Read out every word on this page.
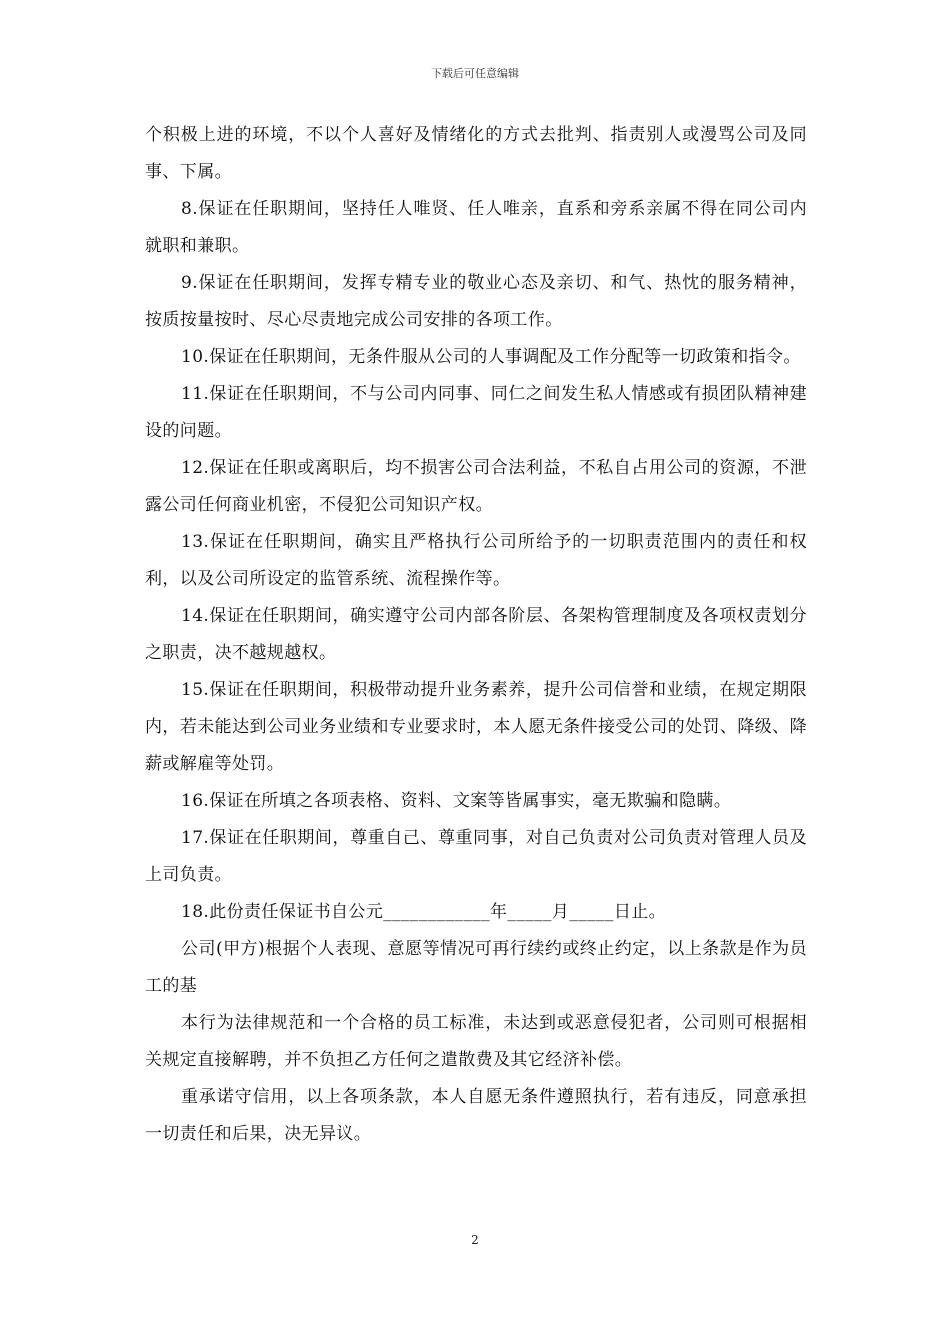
下载后可任意编辑

个积极上进的环境，不以个人喜好及情绪化的方式去批判、指责别人或漫骂公司及同事、下属。

8.保证在任职期间，坚持任人唯贤、任人唯亲，直系和旁系亲属不得在同公司内就职和兼职。

9.保证在任职期间，发挥专精专业的敬业心态及亲切、和气、热忱的服务精神，按质按量按时、尽心尽责地完成公司安排的各项工作。

10.保证在任职期间，无条件服从公司的人事调配及工作分配等一切政策和指令。

11.保证在任职期间，不与公司内同事、同仁之间发生私人情感或有损团队精神建设的问题。

12.保证在任职或离职后，均不损害公司合法利益，不私自占用公司的资源，不泄露公司任何商业机密，不侵犯公司知识产权。

13.保证在任职期间，确实且严格执行公司所给予的一切职责范围内的责任和权利，以及公司所设定的监管系统、流程操作等。

14.保证在任职期间，确实遵守公司内部各阶层、各架构管理制度及各项权责划分之职责，决不越规越权。

15.保证在任职期间，积极带动提升业务素养，提升公司信誉和业绩，在规定期限内，若未能达到公司业务业绩和专业要求时，本人愿无条件接受公司的处罚、降级、降薪或解雇等处罚。

16.保证在所填之各项表格、资料、文案等皆属事实，毫无欺骗和隐瞒。

17.保证在任职期间，尊重自己、尊重同事，对自己负责对公司负责对管理人员及上司负责。

18.此份责任保证书自公元____________年_____月_____日止。

公司(甲方)根据个人表现、意愿等情况可再行续约或终止约定，以上条款是作为员工的基

本行为法律规范和一个合格的员工标准，未达到或恶意侵犯者，公司则可根据相关规定直接解聘，并不负担乙方任何之遣散费及其它经济补偿。

重承诺守信用，以上各项条款，本人自愿无条件遵照执行，若有违反，同意承担一切责任和后果，决无异议。

2
